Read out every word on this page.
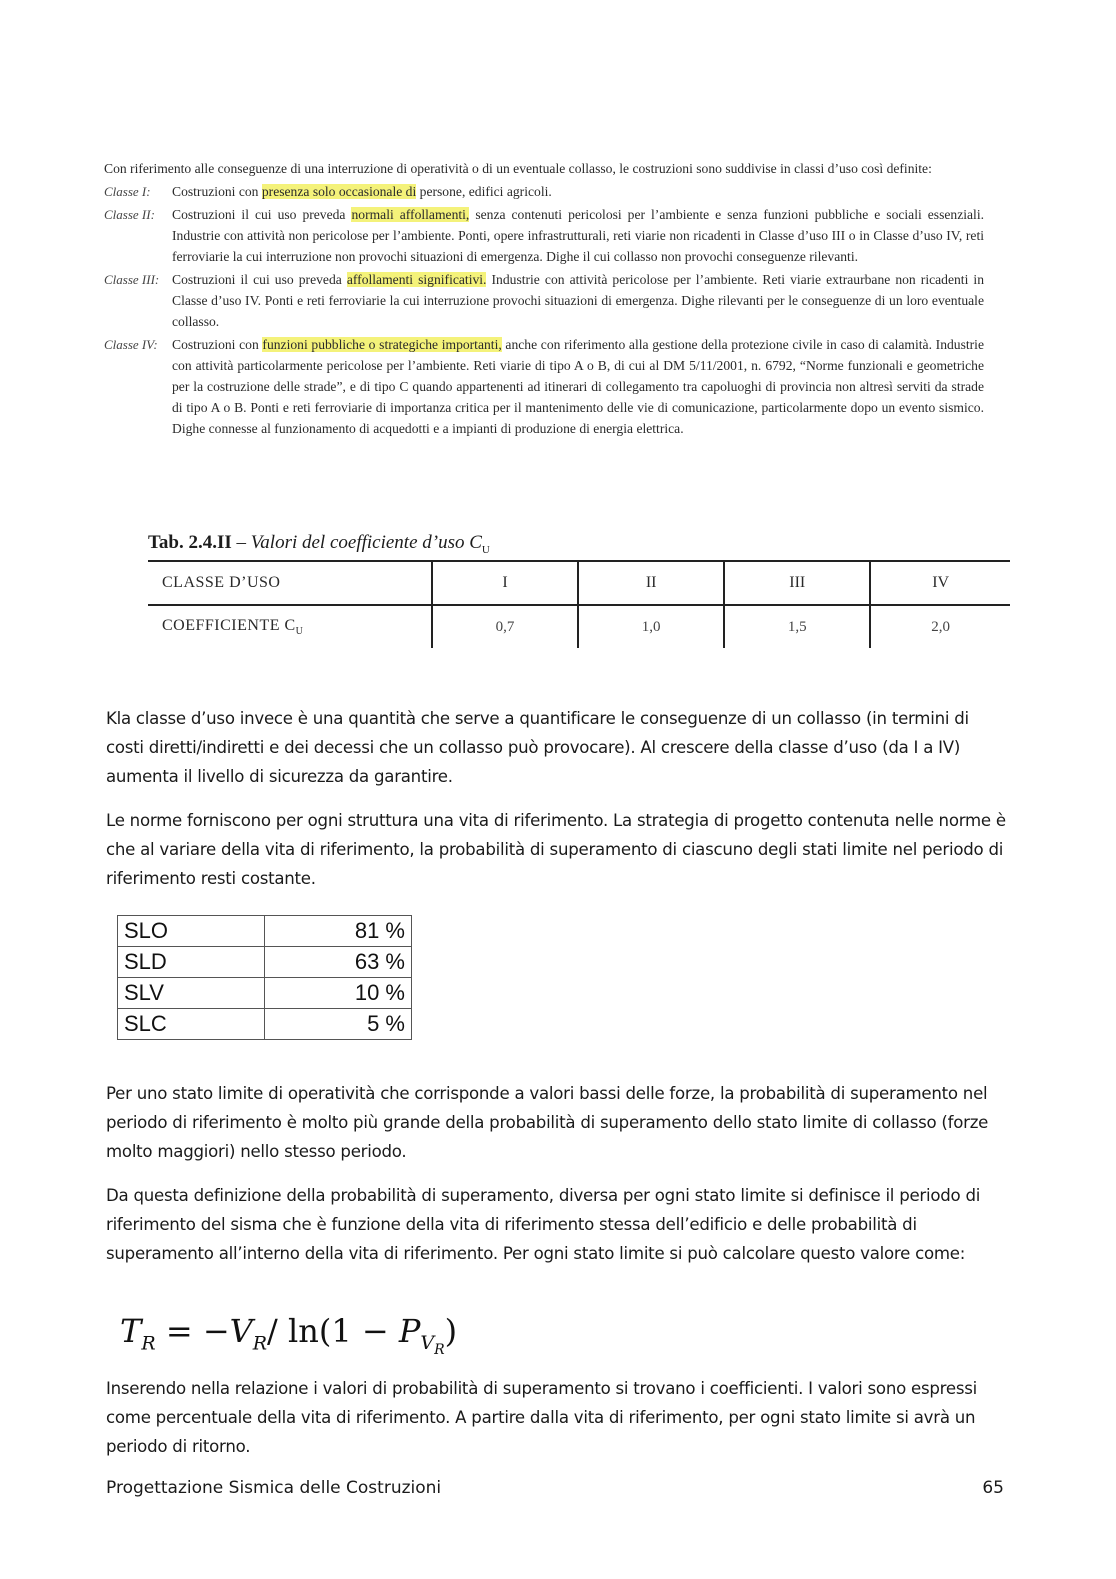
Con riferimento alle conseguenze di una interruzione di operatività o di un eventuale collasso, le costruzioni sono suddivise in classi d’uso così definite:

Classe I:	Costruzioni con presenza solo occasionale di persone, edifici agricoli.
Classe II:	Costruzioni il cui uso preveda normali affollamenti, senza contenuti pericolosi per l’ambiente e senza funzioni pubbliche e sociali essenziali. Industrie con attività non pericolose per l’ambiente. Ponti, opere infrastrutturali, reti viarie non ricadenti in Classe d’uso III o in Classe d’uso IV, reti ferroviarie la cui interruzione non provochi situazioni di emergenza. Dighe il cui collasso non provochi conseguenze rilevanti.
Classe III: Costruzioni il cui uso preveda affollamenti significativi. Industrie con attività pericolose per l’ambiente. Reti viarie extraurbane non ricadenti in Classe d’uso IV. Ponti e reti ferroviarie la cui interruzione provochi situazioni di emergenza. Dighe rilevanti per le conseguenze di un loro eventuale collasso.
Classe IV:	Costruzioni con funzioni pubbliche o strategiche importanti, anche con riferimento alla gestione della protezione civile in caso di calamità. Industrie con attività particolarmente pericolose per l’ambiente. Reti viarie di tipo A o B, di cui al DM 5/11/2001, n. 6792, “Norme funzionali e geometriche per la costruzione delle strade”, e di tipo C quando appartenenti ad itinerari di collegamento tra capoluoghi di provincia non altresì serviti da strade di tipo A o B. Ponti e reti ferroviarie di importanza critica per il mantenimento delle vie di comunicazione, particolarmente dopo un evento sismico. Dighe connesse al funzionamento di acquedotti e a impianti di produzione di energia elettrica.
Tab. 2.4.II – Valori del coefficiente d’uso $C_U$
CLASSE D’USO	I	II	III	IV
COEFFICIENTE $C_U$	0,7	1,0	1,5	2,0

Kla classe d’uso invece è una quantità che serve a quantificare le conseguenze di un collasso (in termini di costi diretti/indiretti e dei decessi che un collasso può provocare). Al crescere della classe d’uso (da I a IV) aumenta il livello di sicurezza da garantire.

Le norme forniscono per ogni struttura una vita di riferimento. La strategia di progetto contenuta nelle norme è che al variare della vita di riferimento, la probabilità di superamento di ciascuno degli stati limite nel periodo di riferimento resti costante.

SLO	81 %
SLD	63 %
SLV	10 %
SLC	5 %

Per uno stato limite di operatività che corrisponde a valori bassi delle forze, la probabilità di superamento nel periodo di riferimento è molto più grande della probabilità di superamento dello stato limite di collasso (forze molto maggiori) nello stesso periodo.

Da questa definizione della probabilità di superamento, diversa per ogni stato limite si definisce il periodo di riferimento del sisma che è funzione della vita di riferimento stessa dell’edificio e delle probabilità di superamento all’interno della vita di riferimento. Per ogni stato limite si può calcolare questo valore come:

$T_R = -V_R/$ $\ln(1 - P_{V_R})$

Inserendo nella relazione i valori di probabilità di superamento si trovano i coefficienti. I valori sono espressi come percentuale della vita di riferimento. A partire dalla vita di riferimento, per ogni stato limite si avrà un periodo di ritorno.

Progettazione Sismica delle Costruzioni	65
